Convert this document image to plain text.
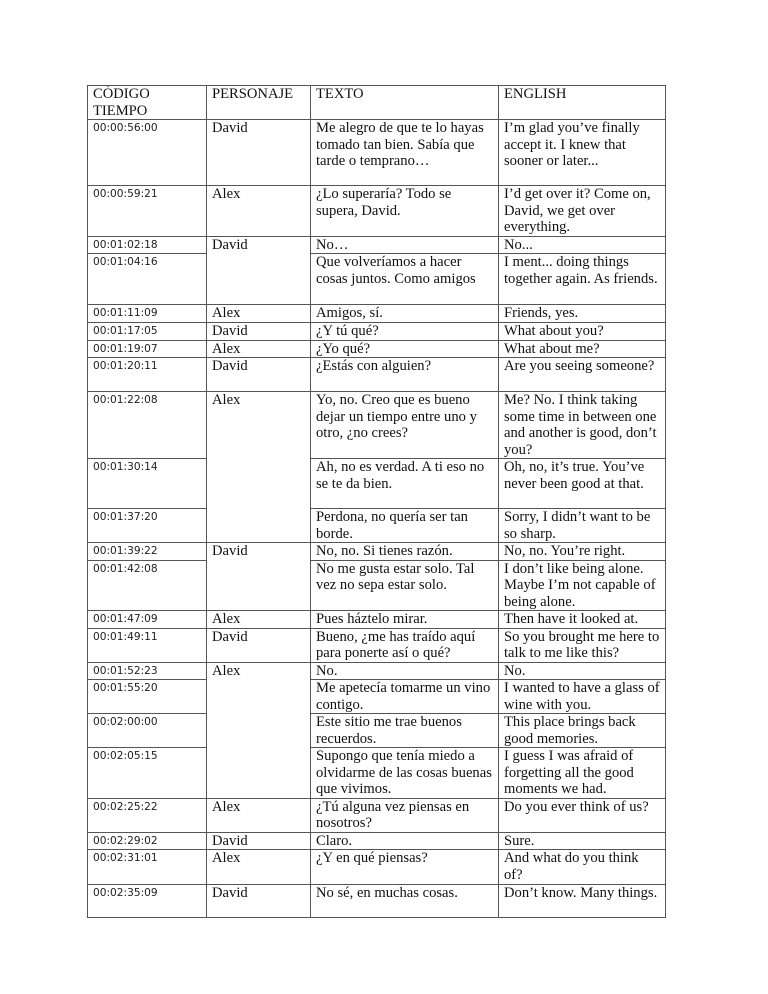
CÓDIGO TIEMPO	PERSONAJE	TEXTO	ENGLISH
00:00:56:00	David	Me alegro de que te lo hayas tomado tan bien. Sabía que tarde o temprano…	I’m glad you’ve finally accept it. I knew that sooner or later...
00:00:59:21	Alex	¿Lo superaría? Todo se supera, David.	I’d get over it? Come on, David, we get over everything.
00:01:02:18	David	No…	No...
00:01:04:16		Que volveríamos a hacer cosas juntos. Como amigos	I ment... doing things together again. As friends.
00:01:11:09	Alex	Amigos, sí.	Friends, yes.
00:01:17:05	David	¿Y tú qué?	What about you?
00:01:19:07	Alex	¿Yo qué?	What about me?
00:01:20:11	David	¿Estás con alguien?	Are you seeing someone?
00:01:22:08	Alex	Yo, no. Creo que es bueno dejar un tiempo entre uno y otro, ¿no crees?	Me? No. I think taking some time in between one and another is good, don’t you?
00:01:30:14		Ah, no es verdad. A ti eso no se te da bien.	Oh, no, it’s true. You’ve never been good at that.
00:01:37:20		Perdona, no quería ser tan borde.	Sorry, I didn’t want to be so sharp.
00:01:39:22	David	No, no. Si tienes razón.	No, no. You’re right.
00:01:42:08		No me gusta estar solo. Tal vez no sepa estar solo.	I don’t like being alone. Maybe I’m not capable of being alone.
00:01:47:09	Alex	Pues háztelo mirar.	Then have it looked at.
00:01:49:11	David	Bueno, ¿me has traído aquí para ponerte así o qué?	So you brought me here to talk to me like this?
00:01:52:23	Alex	No.	No.
00:01:55:20		Me apetecía tomarme un vino contigo.	I wanted to have a glass of wine with you.
00:02:00:00		Este sitio me trae buenos recuerdos.	This place brings back good memories.
00:02:05:15		Supongo que tenía miedo a olvidarme de las cosas buenas que vivimos.	I guess I was afraid of forgetting all the good moments we had.
00:02:25:22	Alex	¿Tú alguna vez piensas en nosotros?	Do you ever think of us?
00:02:29:02	David	Claro.	Sure.
00:02:31:01	Alex	¿Y en qué piensas?	And what do you think of?
00:02:35:09	David	No sé, en muchas cosas.	Don’t know. Many things.
